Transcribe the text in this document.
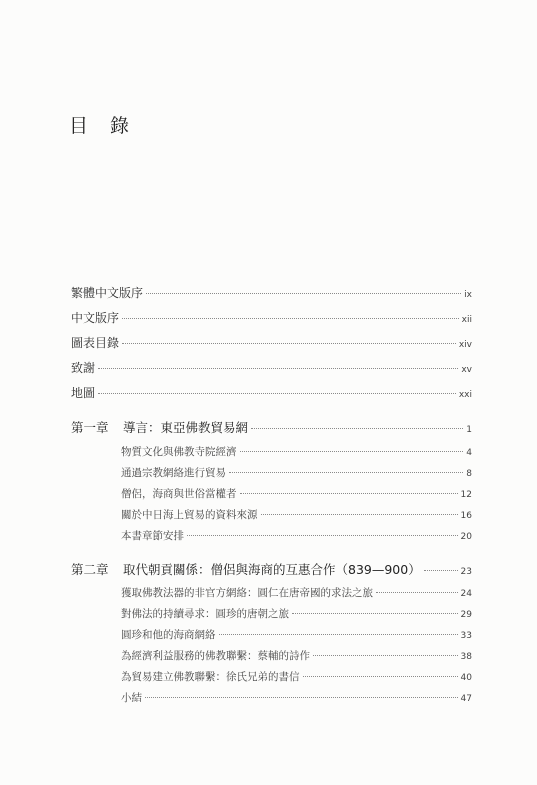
目 錄
繁體中文版序	ix
中文版序	xii
圖表目錄	xiv
致謝	xv
地圖	xxi
第一章 導言：東亞佛教貿易網	1
物質文化與佛教寺院經濟	4
通過宗教網絡進行貿易	8
僧侶，海商與世俗當權者	12
關於中日海上貿易的資料來源	16
本書章節安排	20
第二章 取代朝貢關係：僧侶與海商的互惠合作（839—900）	23
獲取佛教法器的非官方網絡：圓仁在唐帝國的求法之旅	24
對佛法的持續尋求：圓珍的唐朝之旅	29
圓珍和他的海商網絡	33
為經濟利益服務的佛教聯繫：蔡輔的詩作	38
為貿易建立佛教聯繫：徐氏兄弟的書信	40
小結	47
